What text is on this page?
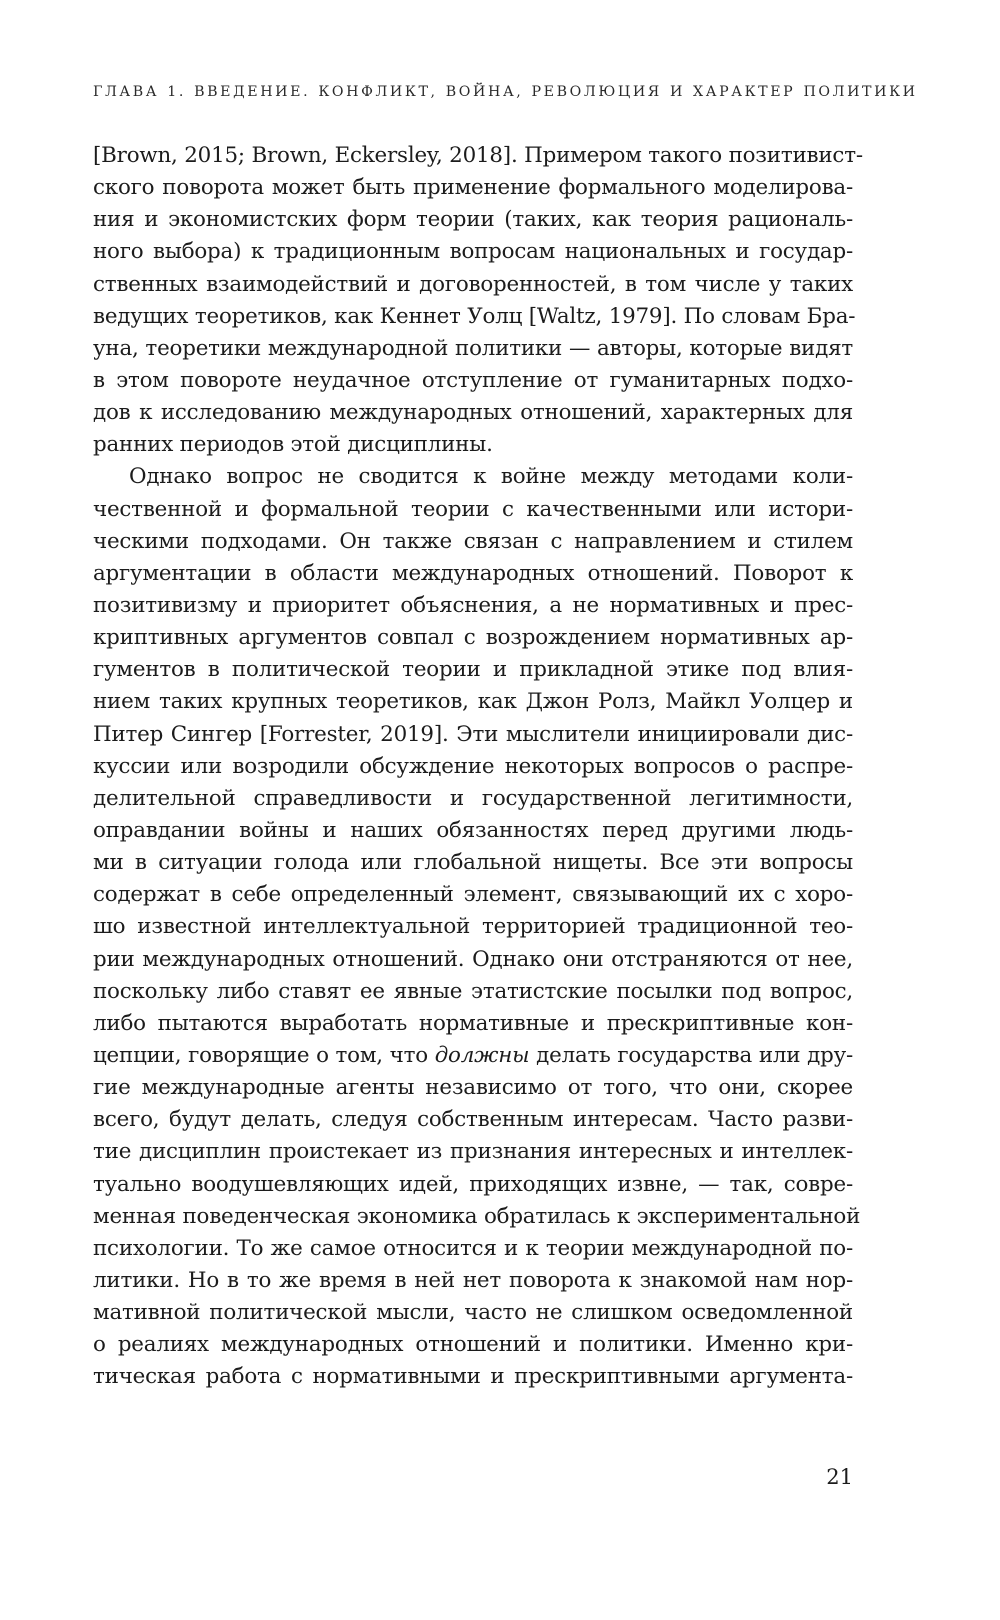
ГЛАВА 1. ВВЕДЕНИЕ. КОНФЛИКТ, ВОЙНА, РЕВОЛЮЦИЯ И ХАРАКТЕР ПОЛИТИКИ
[Brown, 2015; Brown, Eckersley, 2018]. Примером такого позитивист-
ского поворота может быть применение формального моделирова-
ния и экономистских форм теории (таких, как теория рациональ-
ного выбора) к традиционным вопросам национальных и государ-
ственных взаимодействий и договоренностей, в том числе у таких
ведущих теоретиков, как Кеннет Уолц [Waltz, 1979]. По словам Бра-
уна, теоретики международной политики — авторы, которые видят
в этом повороте неудачное отступление от гуманитарных подхо-
дов к исследованию международных отношений, характерных для
ранних периодов этой дисциплины.
Однако вопрос не сводится к войне между методами коли-
чественной и формальной теории с качественными или истори-
ческими подходами. Он также связан с направлением и стилем
аргументации в области международных отношений. Поворот к
позитивизму и приоритет объяснения, а не нормативных и прес-
криптивных аргументов совпал с возрождением нормативных ар-
гументов в политической теории и прикладной этике под влия-
нием таких крупных теоретиков, как Джон Ролз, Майкл Уолцер и
Питер Сингер [Forrester, 2019]. Эти мыслители инициировали дис-
куссии или возродили обсуждение некоторых вопросов о распре-
делительной справедливости и государственной легитимности,
оправдании войны и наших обязанностях перед другими людь-
ми в ситуации голода или глобальной нищеты. Все эти вопросы
содержат в себе определенный элемент, связывающий их с хоро-
шо известной интеллектуальной территорией традиционной тео-
рии международных отношений. Однако они отстраняются от нее,
поскольку либо ставят ее явные этатистские посылки под вопрос,
либо пытаются выработать нормативные и прескриптивные кон-
цепции, говорящие о том, что должны делать государства или дру-
гие международные агенты независимо от того, что они, скорее
всего, будут делать, следуя собственным интересам. Часто разви-
тие дисциплин проистекает из признания интересных и интеллек-
туально воодушевляющих идей, приходящих извне, — так, совре-
менная поведенческая экономика обратилась к экспериментальной
психологии. То же самое относится и к теории международной по-
литики. Но в то же время в ней нет поворота к знакомой нам нор-
мативной политической мысли, часто не слишком осведомленной
о реалиях международных отношений и политики. Именно кри-
тическая работа с нормативными и прескриптивными аргумента-
21
